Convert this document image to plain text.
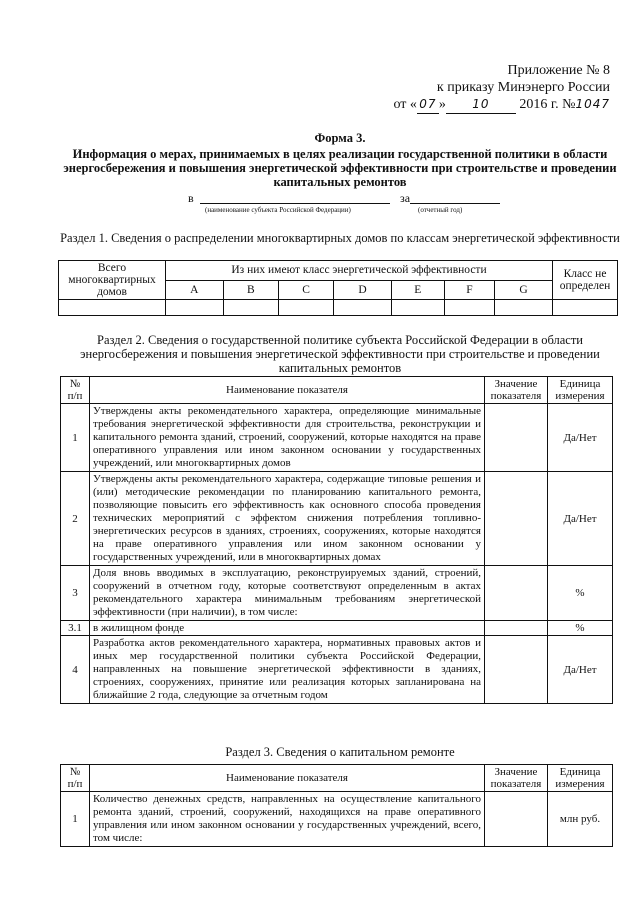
Приложение № 8
к приказу Минэнерго России
от « 07 » 10 2016 г. №1047
Форма 3.
Информация о мерах, принимаемых в целях реализации государственной политики в области энергосбережения и повышения энергетической эффективности при строительстве и проведении капитальных ремонтов
в	за
(наименование субъекта Российской Федерации)	(отчетный год)
Раздел 1. Сведения о распределении многоквартирных домов по классам энергетической эффективности
Всего многоквартирных домов	Из них имеют класс энергетической эффективности							Класс не определен
	А	В	С	D	Е	F	G	

Раздел 2. Сведения о государственной политике субъекта Российской Федерации в области энергосбережения и повышения энергетической эффективности при строительстве и проведении капитальных ремонтов
№ п/п	Наименование показателя	Значение показателя	Единица измерения
1	Утверждены акты рекомендательного характера, определяющие минимальные требования энергетической эффективности для строительства, реконструкции и капитального ремонта зданий, строений, сооружений, которые находятся на праве оперативного управления или ином законном основании у государственных учреждений, или многоквартирных домов		Да/Нет
2	Утверждены акты рекомендательного характера, содержащие типовые решения и (или) методические рекомендации по планированию капитального ремонта, позволяющие повысить его эффективность как основного способа проведения технических мероприятий с эффектом снижения потребления топливно-энергетических ресурсов в зданиях, строениях, сооружениях, которые находятся на праве оперативного управления или ином законном основании у государственных учреждений, или в многоквартирных домах		Да/Нет
3	Доля вновь вводимых в эксплуатацию, реконструируемых зданий, строений, сооружений в отчетном году, которые соответствуют определенным в актах рекомендательного характера минимальным требованиям энергетической эффективности (при наличии), в том числе:		%
3.1	в жилищном фонде		%
4	Разработка актов рекомендательного характера, нормативных правовых актов и иных мер государственной политики субъекта Российской Федерации, направленных на повышение энергетической эффективности в зданиях, строениях, сооружениях, принятие или реализация которых запланирована на ближайшие 2 года, следующие за отчетным годом		Да/Нет
Раздел 3. Сведения о капитальном ремонте
№ п/п	Наименование показателя	Значение показателя	Единица измерения
1	Количество денежных средств, направленных на осуществление капитального ремонта зданий, строений, сооружений, находящихся на праве оперативного управления или ином законном основании у государственных учреждений, всего, том числе:		млн руб.
